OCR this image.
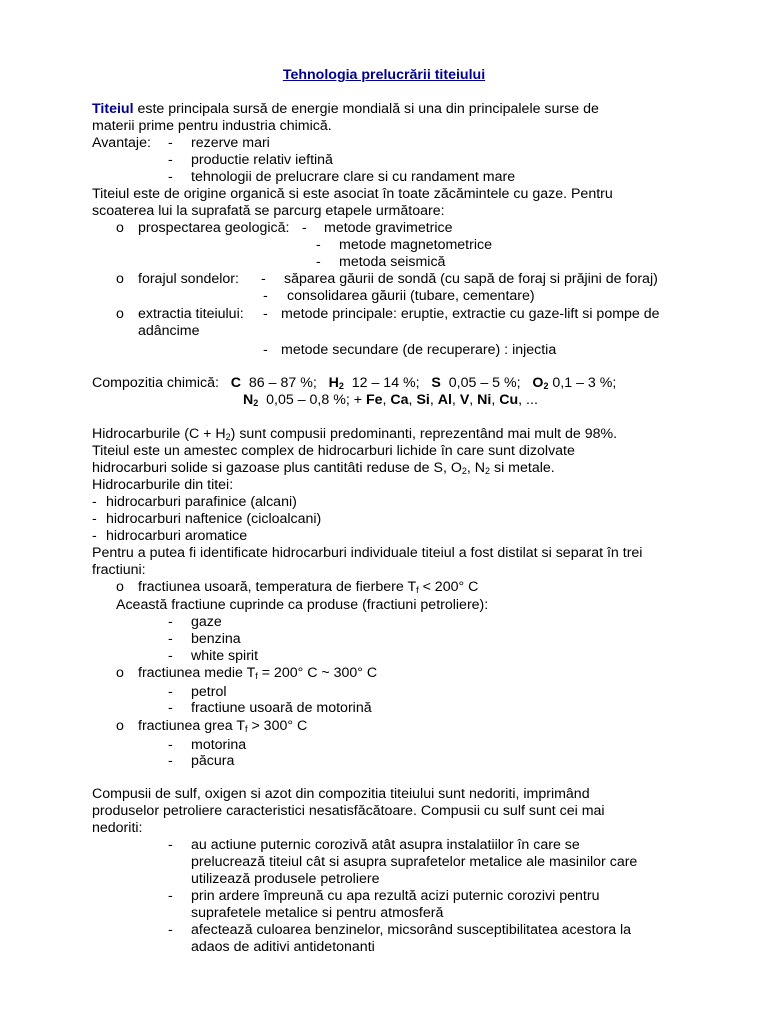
Tehnologia prelucrării titeiului
Titeiul este principala sursă de energie mondială si una din principalele surse de
materii prime pentru industria chimică.
Avantaje: - rezerve mari
- productie relativ ieftină
- tehnologii de prelucrare clare si cu randament mare
Titeiul este de origine organică si este asociat în toate zăcămintele cu gaze. Pentru
scoaterea lui la suprafată se parcurg etapele următoare:
o prospectarea geologică: - metode gravimetrice
- metode magnetometrice
- metoda seismică
o forajul sondelor: - săparea găurii de sondă (cu sapă de foraj si prăjini de foraj)
- consolidarea găurii (tubare, cementare)
o extractia titeiului: - metode principale: eruptie, extractie cu gaze-lift si pompe de
adâncime
- metode secundare (de recuperare) : injectia
Compozitia chimică: C 86 – 87 %; $H_2$ 12 – 14 %; S 0,05 – 5 %; $O_2$ 0,1 – 3 %;
$N_2$ 0,05 – 0,8 %; + Fe, Ca, Si, Al, V, Ni, Cu, ...
Hidrocarburile $(C + H_2)$ sunt compusii predominanti, reprezentând mai mult de 98%.
Titeiul este un amestec complex de hidrocarburi lichide în care sunt dizolvate
hidrocarburi solide si gazoase plus cantitâti reduse de S, $O_2$, $N_2$ si metale.
Hidrocarburile din titei:
- hidrocarburi parafinice (alcani)
- hidrocarburi naftenice (cicloalcani)
- hidrocarburi aromatice
Pentru a putea fi identificate hidrocarburi individuale titeiul a fost distilat si separat în trei
fractiuni:
o fractiunea usoară, temperatura de fierbere $T_f < 200^\circ$ C
Această fractiune cuprinde ca produse (fractiuni petroliere):
- gaze
- benzina
- white spirit
o fractiunea medie $T_f = 200^\circ$ C ~ 300° C
- petrol
- fractiune usoară de motorină
o fractiunea grea $T_f > 300^\circ$ C
- motorina
- păcura
Compusii de sulf, oxigen si azot din compozitia titeiului sunt nedoriti, imprimând
produselor petroliere caracteristici nesatisfăcătoare. Compusii cu sulf sunt cei mai
nedoriti:
- au actiune puternic corozivă atât asupra instalatiilor în care se
prelucrează titeiul cât si asupra suprafetelor metalice ale masinilor care
utilizează produsele petroliere
- prin ardere împreună cu apa rezultă acizi puternic corozivi pentru
suprafetele metalice si pentru atmosferă
- afectează culoarea benzinelor, micsorând susceptibilitatea acestora la
adaos de aditivi antidetonanti
